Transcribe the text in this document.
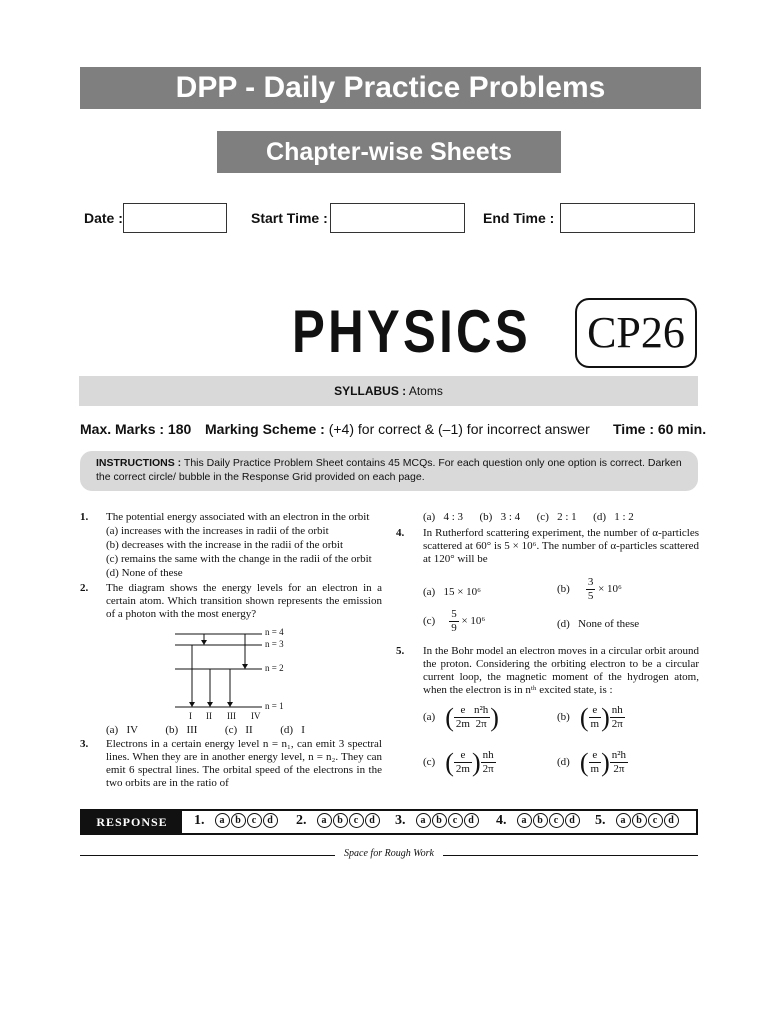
DPP - Daily Practice Problems
Chapter-wise Sheets
Date :	Start Time :	End Time :
PHYSICS CP26
SYLLABUS : Atoms
Max. Marks : 180 Marking Scheme : (+4) for correct & (–1) for incorrect answer Time : 60 min.
INSTRUCTIONS : This Daily Practice Problem Sheet contains 45 MCQs. For each question only one option is correct. Darken the correct circle/ bubble in the Response Grid provided on each page.
1. The potential energy associated with an electron in the orbit
(a) increases with the increases in radii of the orbit
(b) decreases with the increase in the radii of the orbit
(c) remains the same with the change in the radii of the orbit
(d) None of these
2. The diagram shows the energy levels for an electron in a certain atom. Which transition shown represents the emission of a photon with the most energy?
n = 4
n = 3
n = 2
n = 1
I II III IV
(a)   IV          (b)   III          (c)   II          (d)   I
3. Electrons in a certain energy level n = n₁, can emit 3 spectral lines. When they are in another energy level, n = n₂. They can emit 6 spectral lines. The orbital speed of the electrons in the two orbits are in the ratio of
(a)   4 : 3      (b)   3 : 4      (c)   2 : 1      (d)   1 : 2
4. In Rutherford scattering experiment, the number of α-particles scattered at 60° is 5 × 10⁶. The number of α-particles scattered at 120° will be
(a)   15 × 10⁶	$(b) \frac{3}{5} \times 10^6$
$(c) \frac{5}{9} \times 10^6$	(d)   None of these
5. In the Bohr model an electron moves in a circular orbit around the proton. Considering the orbiting electron to be a circular current loop, the magnetic moment of the hydrogen atom, when the electron is in nᵗʰ excited state, is :
(a) ( $\frac{e}{2m} \frac{\text{n²h}}{2\pi}$ )	(b) ( $\frac{e}{m}$ ) $\frac{nh}{2\pi}$
(c) ( $\frac{e}{2m}$ ) $\frac{nh}{2\pi}$	(d) ( $\frac{e}{m}$ ) $\frac{\text{n²h}}{2\pi}$
RESPONSE GRID
1. a b c d	2. a b c d	3. a b c d	4. a b c d	5. a b c d
Space for Rough Work
